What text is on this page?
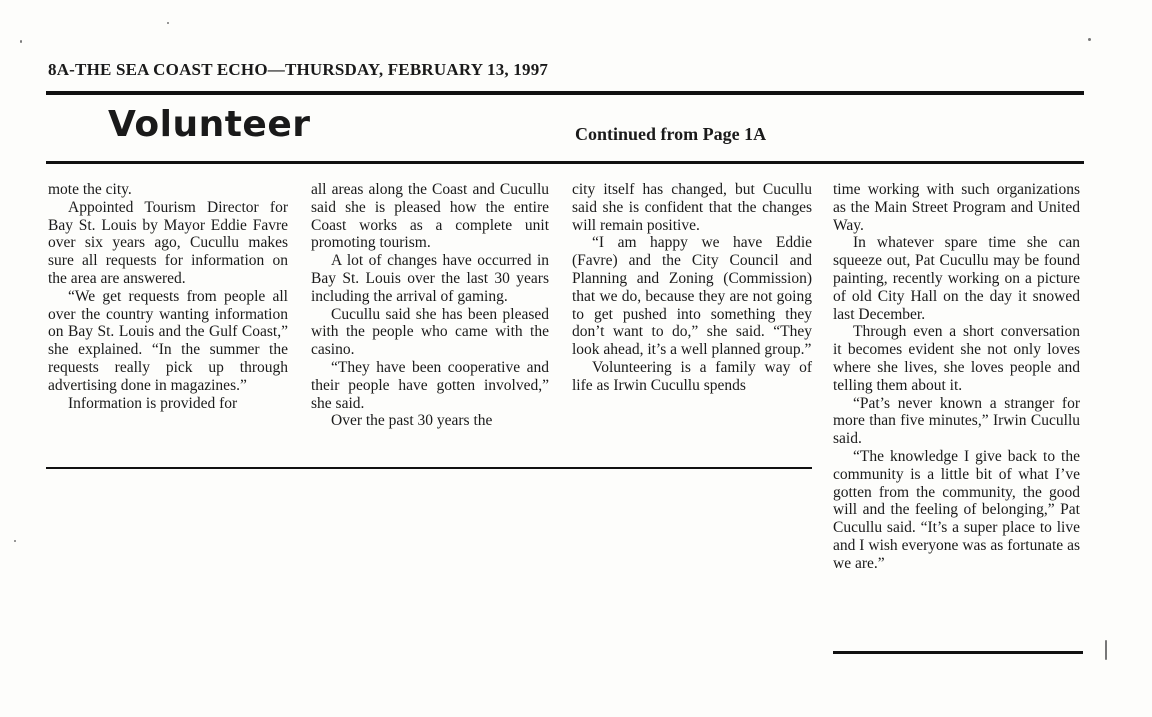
8A-THE SEA COAST ECHO—THURSDAY, FEBRUARY 13, 1997
Volunteer	Continued from Page 1A

mote the city.

Appointed Tourism Director for Bay St. Louis by Mayor Eddie Favre over six years ago, Cucullu makes sure all requests for information on the area are answered.

“We get requests from people all over the country wanting information on Bay St. Louis and the Gulf Coast,” she explained. “In the summer the requests really pick up through advertising done in magazines.”

Information is provided for

all areas along the Coast and Cucullu said she is pleased how the entire Coast works as a complete unit promoting tourism.

A lot of changes have occurred in Bay St. Louis over the last 30 years including the arrival of gaming.

Cucullu said she has been pleased with the people who came with the casino.

“They have been cooperative and their people have gotten involved,” she said.

Over the past 30 years the

city itself has changed, but Cucullu said she is confident that the changes will remain positive.

“I am happy we have Eddie (Favre) and the City Council and Planning and Zoning (Commission) that we do, because they are not going to get pushed into something they don’t want to do,” she said. “They look ahead, it’s a well planned group.”

Volunteering is a family way of life as Irwin Cucullu spends

time working with such organizations as the Main Street Program and United Way.

In whatever spare time she can squeeze out, Pat Cucullu may be found painting, recently working on a picture of old City Hall on the day it snowed last December.

Through even a short conversation it becomes evident she not only loves where she lives, she loves people and telling them about it.

“Pat’s never known a stranger for more than five minutes,” Irwin Cucullu said.

“The knowledge I give back to the community is a little bit of what I’ve gotten from the community, the good will and the feeling of belonging,” Pat Cucullu said. “It’s a super place to live and I wish everyone was as fortunate as we are.”
